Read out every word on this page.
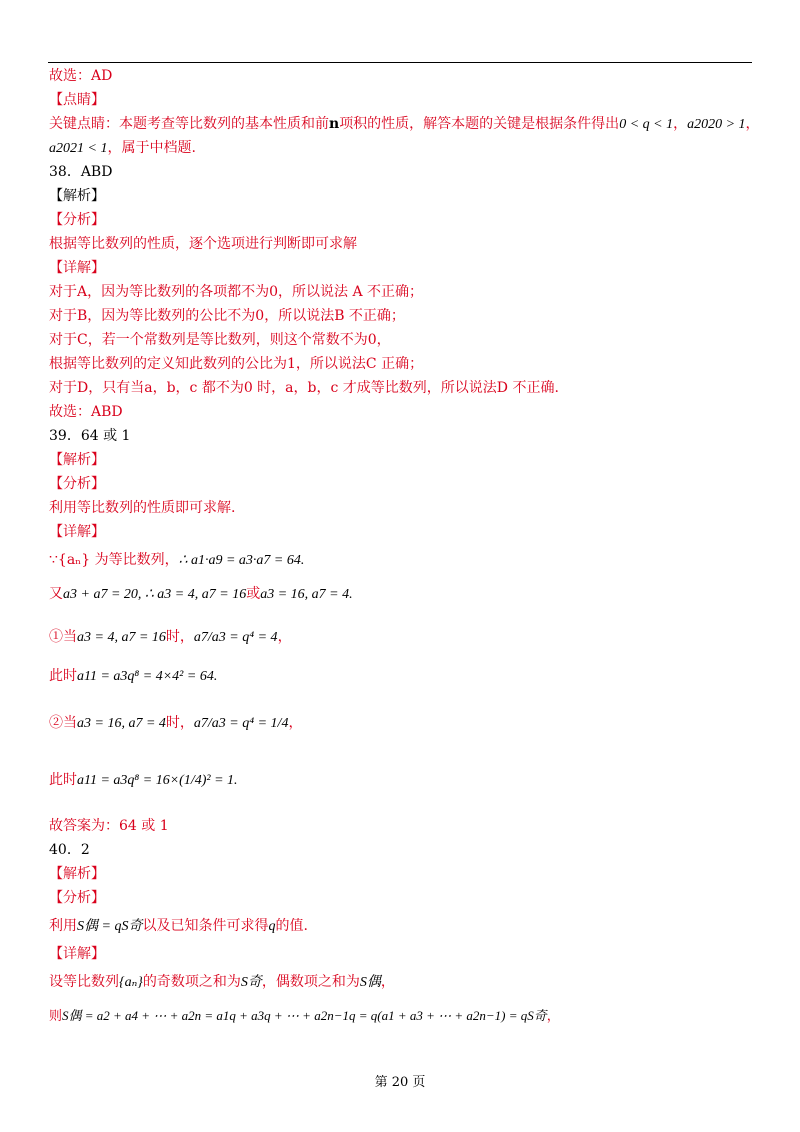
故选：AD
【点睛】
关键点睛：本题考查等比数列的基本性质和前n项积的性质，解答本题的关键是根据条件得出0 < q < 1，a2020 > 1，
a2021 < 1，属于中档题.
38．ABD
【解析】
【分析】
根据等比数列的性质，逐个选项进行判断即可求解
【详解】
对于A，因为等比数列的各项都不为0，所以说法 A 不正确；
对于B，因为等比数列的公比不为0，所以说法B 不正确；
对于C，若一个常数列是等比数列，则这个常数不为0，
根据等比数列的定义知此数列的公比为1，所以说法C 正确；
对于D，只有当a，b，c 都不为0 时，a，b，c 才成等比数列，所以说法D 不正确.
故选：ABD
39．64 或 1
【解析】
【分析】
利用等比数列的性质即可求解.
【详解】
∵{aₙ} 为等比数列，∴ a1·a9 = a3·a7 = 64.
又a3 + a7 = 20, ∴ a3 = 4, a7 = 16或a3 = 16, a7 = 4.
①当a3 = 4, a7 = 16时，a7/a3 = q⁴ = 4，
此时a11 = a3q⁸ = 4×4² = 64.
②当a3 = 16, a7 = 4时，a7/a3 = q⁴ = 1/4，
此时a11 = a3q⁸ = 16×(1/4)² = 1.
故答案为：64 或 1
40．2
【解析】
【分析】
利用S偶 = qS奇以及已知条件可求得q的值.
【详解】
设等比数列{aₙ}的奇数项之和为S奇，偶数项之和为S偶，
则S偶 = a2 + a4 + ⋯ + a2n = a1q + a3q + ⋯ + a2n−1q = q(a1 + a3 + ⋯ + a2n−1) = qS奇，
第 20 页
